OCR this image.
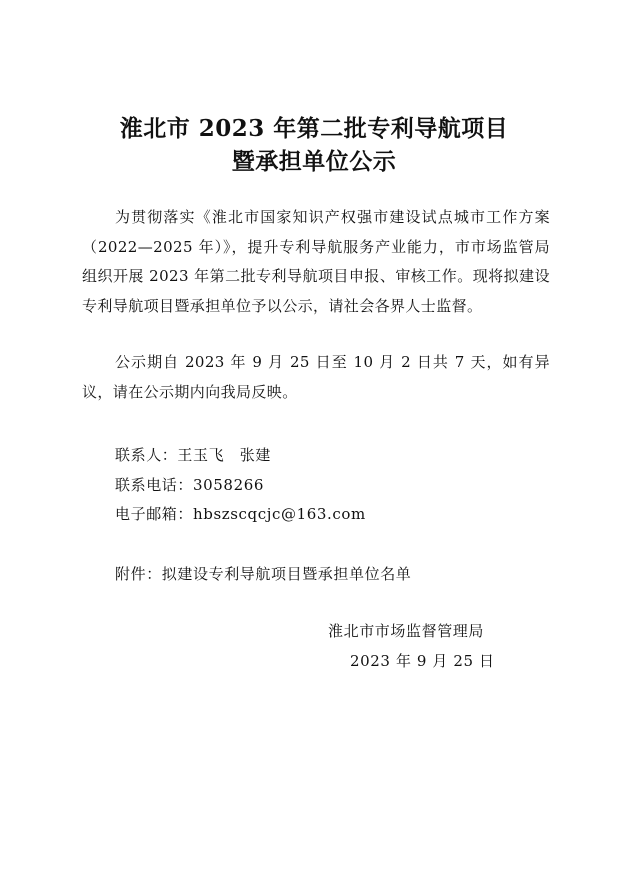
淮北市 2023 年第二批专利导航项目
暨承担单位公示

为贯彻落实《淮北市国家知识产权强市建设试点城市工作方案（2022—2025 年）》，提升专利导航服务产业能力，市市场监管局组织开展 2023 年第二批专利导航项目申报、审核工作。现将拟建设专利导航项目暨承担单位予以公示，请社会各界人士监督。

公示期自 2023 年 9 月 25 日至 10 月 2 日共 7 天，如有异议，请在公示期内向我局反映。

联系人：王玉飞　张建
联系电话：3058266
电子邮箱：hbszscqcjc@163.com
附件：拟建设专利导航项目暨承担单位名单
淮北市市场监督管理局
2023 年 9 月 25 日
